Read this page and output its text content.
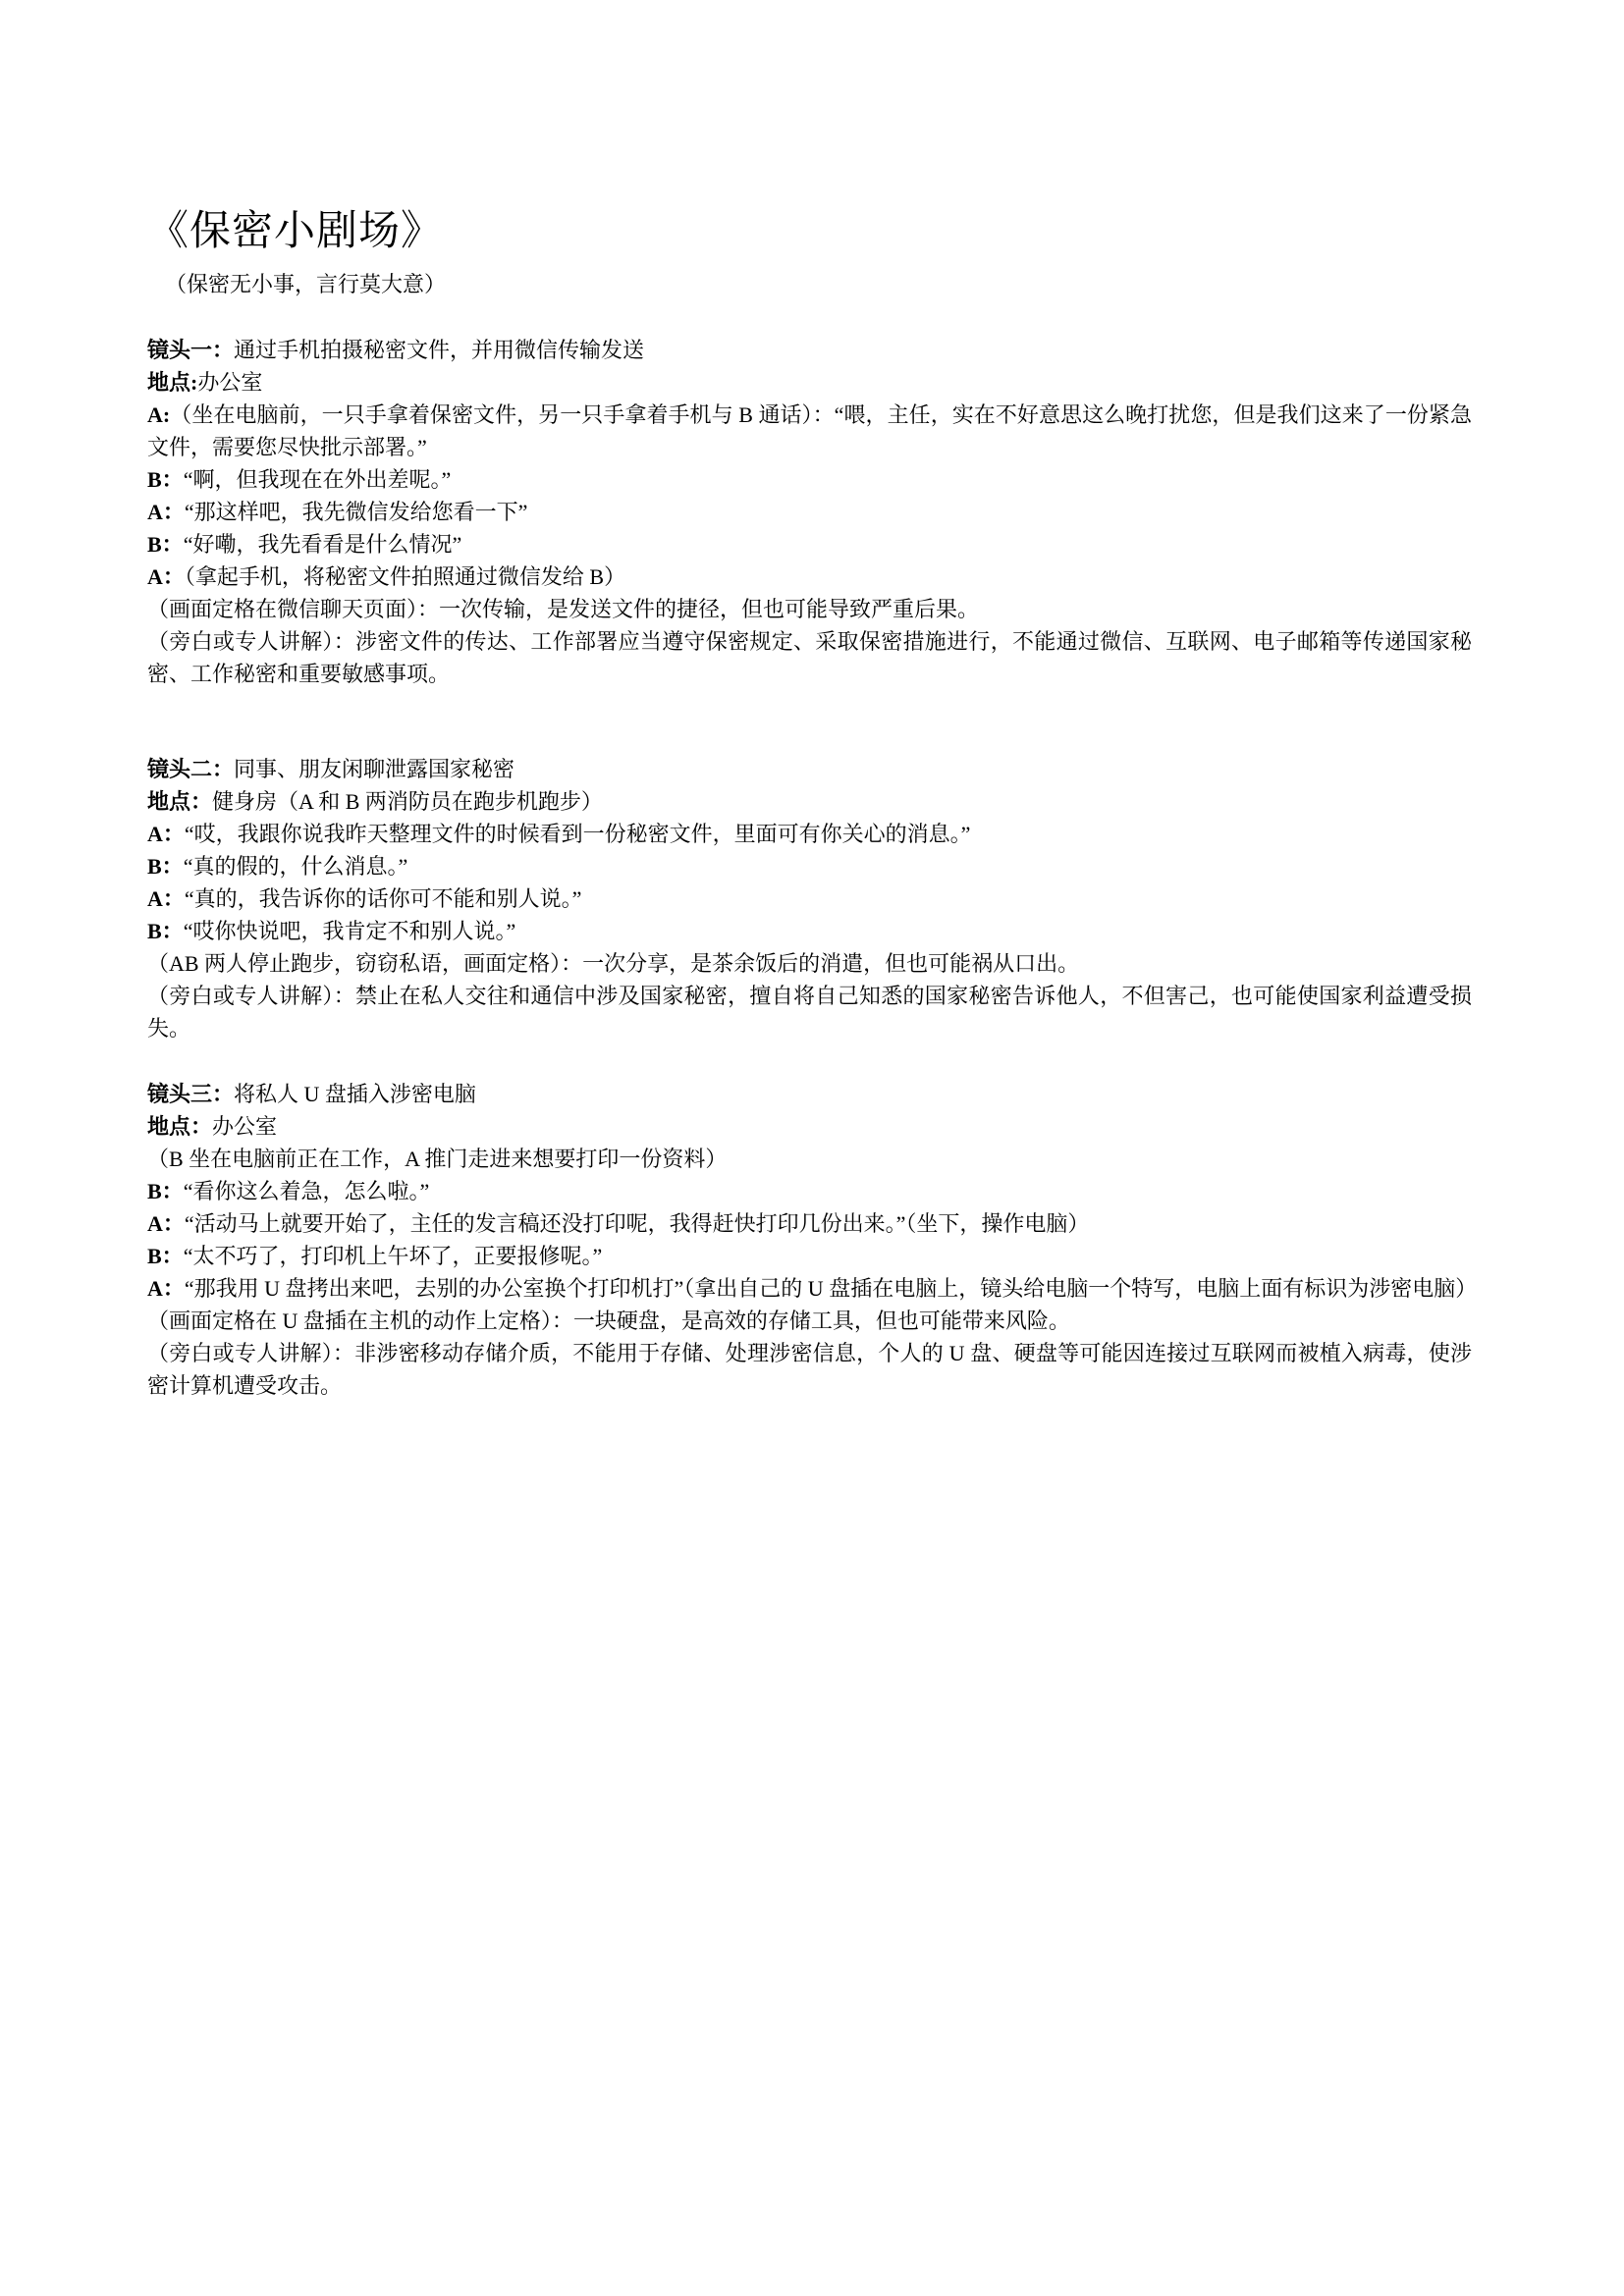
《保密小剧场》

（保密无小事，言行莫大意）

镜头一：通过手机拍摄秘密文件，并用微信传输发送

地点:办公室

A:（坐在电脑前，一只手拿着保密文件，另一只手拿着手机与 B 通话）：“喂，主任，实在不好意思这么晚打扰您，但是我们这来了一份紧急文件，需要您尽快批示部署。”

B：“啊，但我现在在外出差呢。”

A：“那这样吧，我先微信发给您看一下”

B：“好嘞，我先看看是什么情况”

A：（拿起手机，将秘密文件拍照通过微信发给 B）

（画面定格在微信聊天页面）：一次传输，是发送文件的捷径，但也可能导致严重后果。

（旁白或专人讲解）：涉密文件的传达、工作部署应当遵守保密规定、采取保密措施进行，不能通过微信、互联网、电子邮箱等传递国家秘密、工作秘密和重要敏感事项。

镜头二：同事、朋友闲聊泄露国家秘密

地点：健身房（A 和 B 两消防员在跑步机跑步）

A：“哎，我跟你说我昨天整理文件的时候看到一份秘密文件，里面可有你关心的消息。”

B：“真的假的，什么消息。”

A：“真的，我告诉你的话你可不能和别人说。”

B：“哎你快说吧，我肯定不和别人说。”

（AB 两人停止跑步，窃窃私语，画面定格）：一次分享，是茶余饭后的消遣，但也可能祸从口出。

（旁白或专人讲解）：禁止在私人交往和通信中涉及国家秘密，擅自将自己知悉的国家秘密告诉他人，不但害己，也可能使国家利益遭受损失。

镜头三：将私人 U 盘插入涉密电脑

地点：办公室

（B 坐在电脑前正在工作，A 推门走进来想要打印一份资料）

B：“看你这么着急，怎么啦。”

A：“活动马上就要开始了，主任的发言稿还没打印呢，我得赶快打印几份出来。”（坐下，操作电脑）

B：“太不巧了，打印机上午坏了，正要报修呢。”

A：“那我用 U 盘拷出来吧，去别的办公室换个打印机打”（拿出自己的 U 盘插在电脑上，镜头给电脑一个特写，电脑上面有标识为涉密电脑）

（画面定格在 U 盘插在主机的动作上定格）：一块硬盘，是高效的存储工具，但也可能带来风险。

（旁白或专人讲解）：非涉密移动存储介质，不能用于存储、处理涉密信息，个人的 U 盘、硬盘等可能因连接过互联网而被植入病毒，使涉密计算机遭受攻击。
